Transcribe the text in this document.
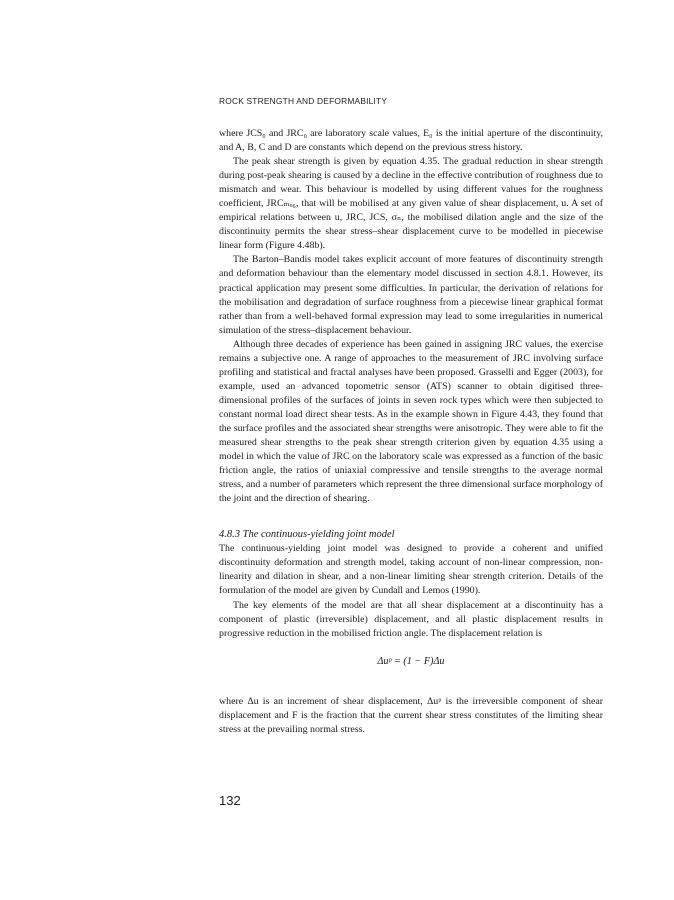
ROCK STRENGTH AND DEFORMABILITY

where JCS₀ and JRC₀ are laboratory scale values, E₀ is the initial aperture of the discontinuity, and A, B, C and D are constants which depend on the previous stress history.

The peak shear strength is given by equation 4.35. The gradual reduction in shear strength during post-peak shearing is caused by a decline in the effective contribution of roughness due to mismatch and wear. This behaviour is modelled by using different values for the roughness coefficient, JRCₘₒ₆, that will be mobilised at any given value of shear displacement, u. A set of empirical relations between u, JRC, JCS, σₙ, the mobilised dilation angle and the size of the discontinuity permits the shear stress–shear displacement curve to be modelled in piecewise linear form (Figure 4.48b).

The Barton–Bandis model takes explicit account of more features of discontinuity strength and deformation behaviour than the elementary model discussed in section 4.8.1. However, its practical application may present some difficulties. In particular, the derivation of relations for the mobilisation and degradation of surface roughness from a piecewise linear graphical format rather than from a well-behaved formal expression may lead to some irregularities in numerical simulation of the stress–displacement behaviour.

Although three decades of experience has been gained in assigning JRC values, the exercise remains a subjective one. A range of approaches to the measurement of JRC involving surface profiling and statistical and fractal analyses have been proposed. Grasselli and Egger (2003), for example, used an advanced topometric sensor (ATS) scanner to obtain digitised three-dimensional profiles of the surfaces of joints in seven rock types which were then subjected to constant normal load direct shear tests. As in the example shown in Figure 4.43, they found that the surface profiles and the associated shear strengths were anisotropic. They were able to fit the measured shear strengths to the peak shear strength criterion given by equation 4.35 using a model in which the value of JRC on the laboratory scale was expressed as a function of the basic friction angle, the ratios of uniaxial compressive and tensile strengths to the average normal stress, and a number of parameters which represent the three dimensional surface morphology of the joint and the direction of shearing.

4.8.3 The continuous-yielding joint model

The continuous-yielding joint model was designed to provide a coherent and unified discontinuity deformation and strength model, taking account of non-linear compression, non-linearity and dilation in shear, and a non-linear limiting shear strength criterion. Details of the formulation of the model are given by Cundall and Lemos (1990).

The key elements of the model are that all shear displacement at a discontinuity has a component of plastic (irreversible) displacement, and all plastic displacement results in progressive reduction in the mobilised friction angle. The displacement relation is

Δuᵖ = (1 − F)Δu

where Δu is an increment of shear displacement, Δuᵖ is the irreversible component of shear displacement and F is the fraction that the current shear stress constitutes of the limiting shear stress at the prevailing normal stress.

132
